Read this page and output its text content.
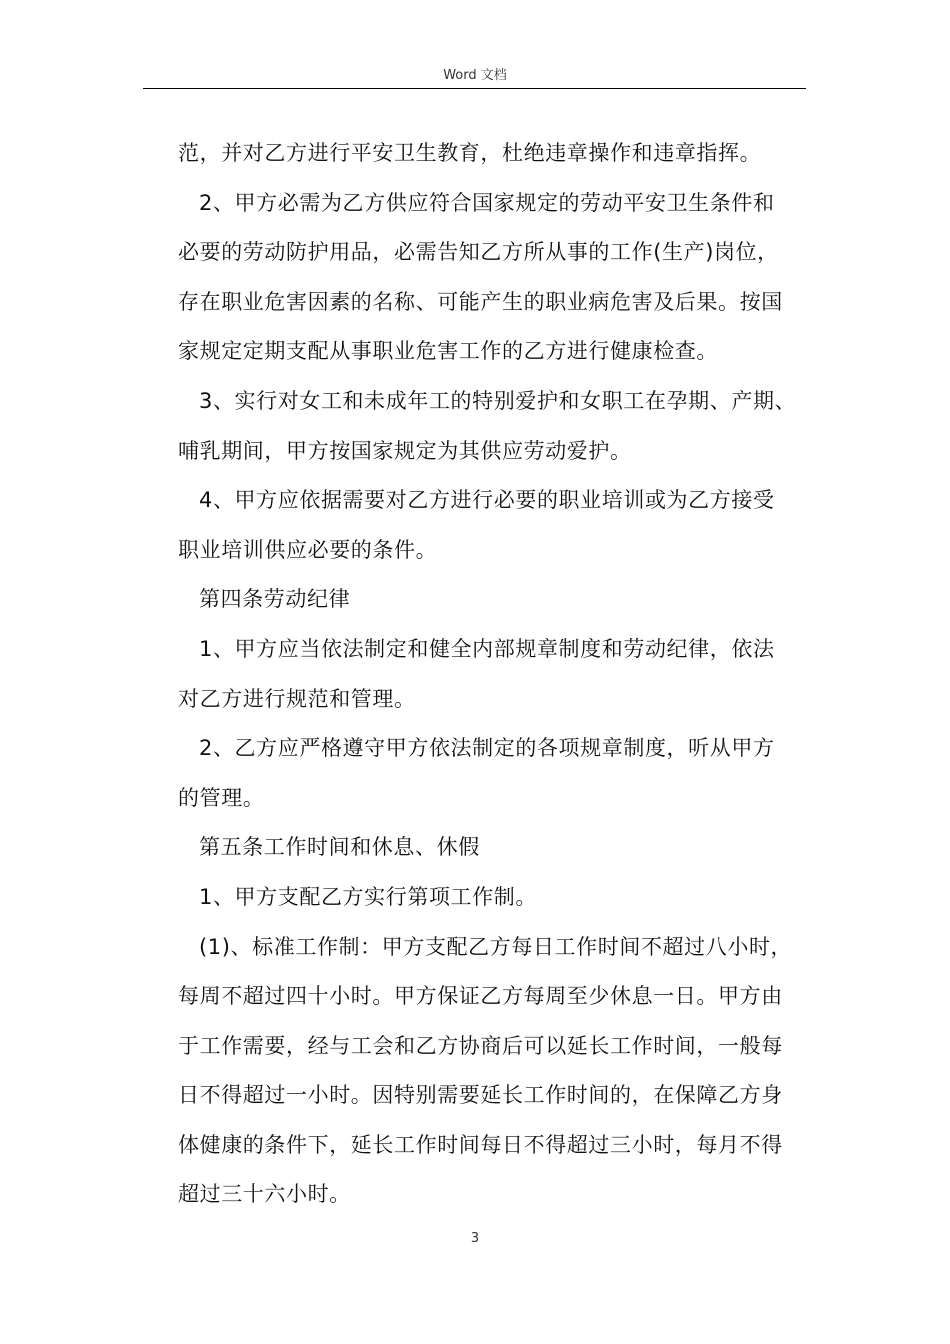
Word 文档
范，并对乙方进行平安卫生教育，杜绝违章操作和违章指挥。
2、甲方必需为乙方供应符合国家规定的劳动平安卫生条件和
必要的劳动防护用品，必需告知乙方所从事的工作(生产)岗位，
存在职业危害因素的名称、可能产生的职业病危害及后果。按国
家规定定期支配从事职业危害工作的乙方进行健康检查。
3、实行对女工和未成年工的特别爱护和女职工在孕期、产期、
哺乳期间，甲方按国家规定为其供应劳动爱护。
4、甲方应依据需要对乙方进行必要的职业培训或为乙方接受
职业培训供应必要的条件。
第四条劳动纪律
1、甲方应当依法制定和健全内部规章制度和劳动纪律，依法
对乙方进行规范和管理。
2、乙方应严格遵守甲方依法制定的各项规章制度，听从甲方
的管理。
第五条工作时间和休息、休假
1、甲方支配乙方实行第项工作制。
(1)、标准工作制：甲方支配乙方每日工作时间不超过八小时，
每周不超过四十小时。甲方保证乙方每周至少休息一日。甲方由
于工作需要，经与工会和乙方协商后可以延长工作时间，一般每
日不得超过一小时。因特别需要延长工作时间的，在保障乙方身
体健康的条件下，延长工作时间每日不得超过三小时，每月不得
超过三十六小时。
3
